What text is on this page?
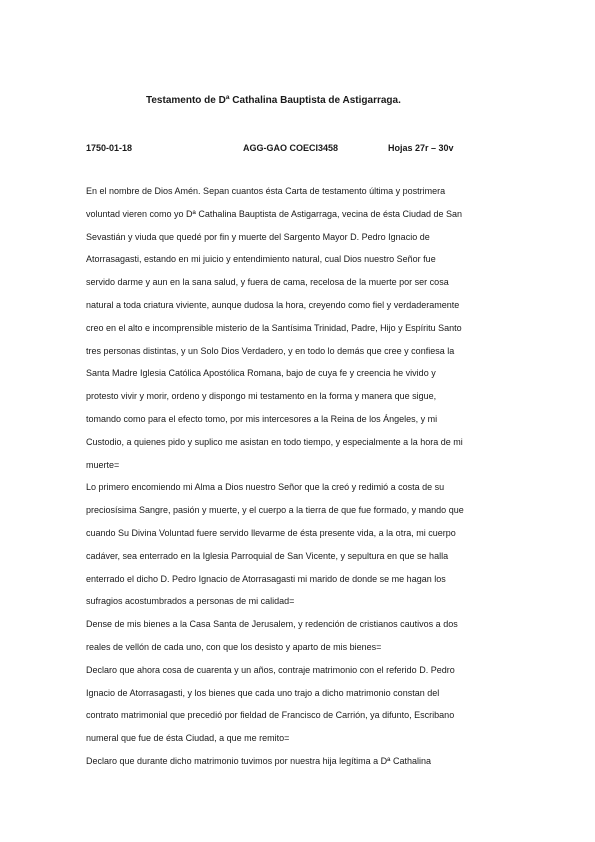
Testamento de Dª Cathalina Bauptista de Astigarraga.
1750-01-18	AGG-GAO COECI3458	Hojas 27r – 30v
En el nombre de Dios Amén. Sepan cuantos ésta Carta de testamento última y postrimera
voluntad vieren como yo Dª Cathalina Bauptista de Astigarraga, vecina de ésta Ciudad de San
Sevastián y viuda que quedé por fin y muerte del Sargento Mayor D. Pedro Ignacio de
Atorrasagasti, estando en mi juicio y entendimiento natural, cual Dios nuestro Señor fue
servido darme y aun en la sana salud, y fuera de cama, recelosa de la muerte por ser cosa
natural a toda criatura viviente, aunque dudosa la hora, creyendo como fiel y verdaderamente
creo en el alto e incomprensible misterio de la Santísima Trinidad, Padre, Hijo y Espíritu Santo
tres personas distintas, y un Solo Dios Verdadero, y en todo lo demás que cree y confiesa la
Santa Madre Iglesia Católica Apostólica Romana, bajo de cuya fe y creencia he vivido y
protesto vivir y morir, ordeno y dispongo mi testamento en la forma y manera que sigue,
tomando como para el efecto tomo, por mis intercesores a la Reina de los Ángeles, y mi
Custodio, a quienes pido y suplico me asistan en todo tiempo, y especialmente a la hora de mi
muerte=
Lo primero encomiendo mi Alma a Dios nuestro Señor que la creó y redimió a costa de su
preciosísima Sangre, pasión y muerte, y el cuerpo a la tierra de que fue formado, y mando que
cuando Su Divina Voluntad fuere servido llevarme de ésta presente vida, a la otra, mi cuerpo
cadáver, sea enterrado en la Iglesia Parroquial de San Vicente, y sepultura en que se halla
enterrado el dicho D. Pedro Ignacio de Atorrasagasti mi marido de donde se me hagan los
sufragios acostumbrados a personas de mi calidad=
Dense de mis bienes a la Casa Santa de Jerusalem, y redención de cristianos cautivos a dos
reales de vellón de cada uno, con que los desisto y aparto de mis bienes=
Declaro que ahora cosa de cuarenta y un años, contraje matrimonio con el referido D. Pedro
Ignacio de Atorrasagasti, y los bienes que cada uno trajo a dicho matrimonio constan del
contrato matrimonial que precedió por fieldad de Francisco de Carrión, ya difunto, Escribano
numeral que fue de ésta Ciudad, a que me remito=
Declaro que durante dicho matrimonio tuvimos por nuestra hija legítima a Dª Cathalina
